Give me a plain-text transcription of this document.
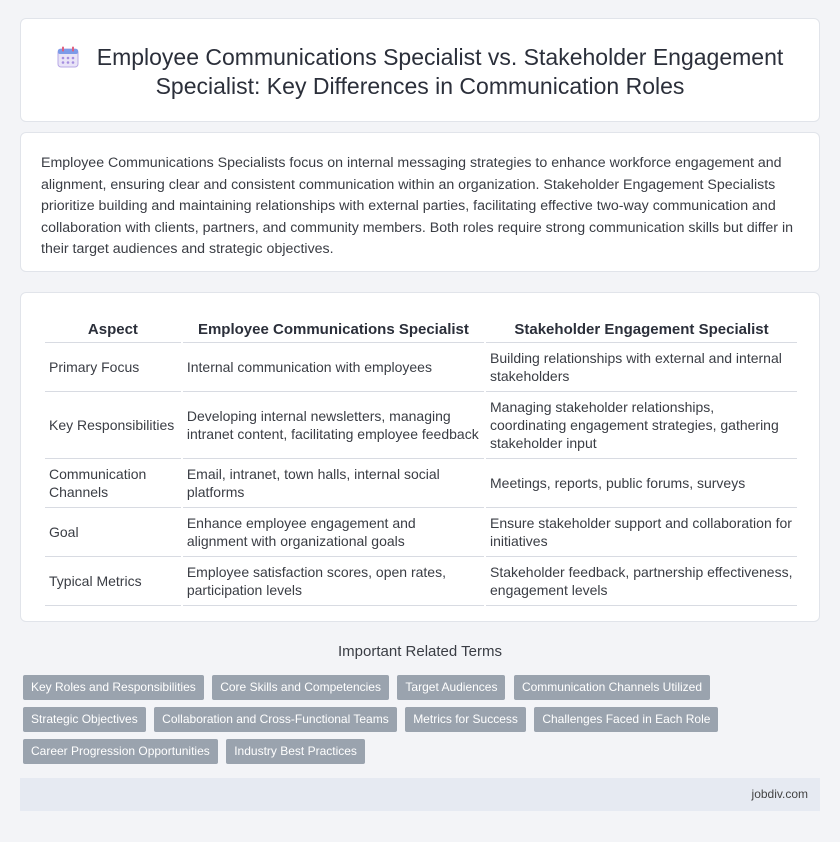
Employee Communications Specialist vs. Stakeholder Engagement Specialist: Key Differences in Communication Roles

Employee Communications Specialists focus on internal messaging strategies to enhance workforce engagement and alignment, ensuring clear and consistent communication within an organization. Stakeholder Engagement Specialists prioritize building and maintaining relationships with external parties, facilitating effective two-way communication and collaboration with clients, partners, and community members. Both roles require strong communication skills but differ in their target audiences and strategic objectives.

Aspect	Employee Communications Specialist	Stakeholder Engagement Specialist
Primary Focus	Internal communication with employees	Building relationships with external and internal stakeholders
Key Responsibilities	Developing internal newsletters, managing intranet content, facilitating employee feedback	Managing stakeholder relationships, coordinating engagement strategies, gathering stakeholder input
Communication Channels	Email, intranet, town halls, internal social platforms	Meetings, reports, public forums, surveys
Goal	Enhance employee engagement and alignment with organizational goals	Ensure stakeholder support and collaboration for initiatives
Typical Metrics	Employee satisfaction scores, open rates, participation levels	Stakeholder feedback, partnership effectiveness, engagement levels
Important Related Terms
Key Roles and Responsibilities Core Skills and Competencies Target Audiences Communication Channels Utilized Strategic Objectives Collaboration and Cross-Functional Teams Metrics for Success Challenges Faced in Each Role Career Progression Opportunities Industry Best Practices
jobdiv.com
